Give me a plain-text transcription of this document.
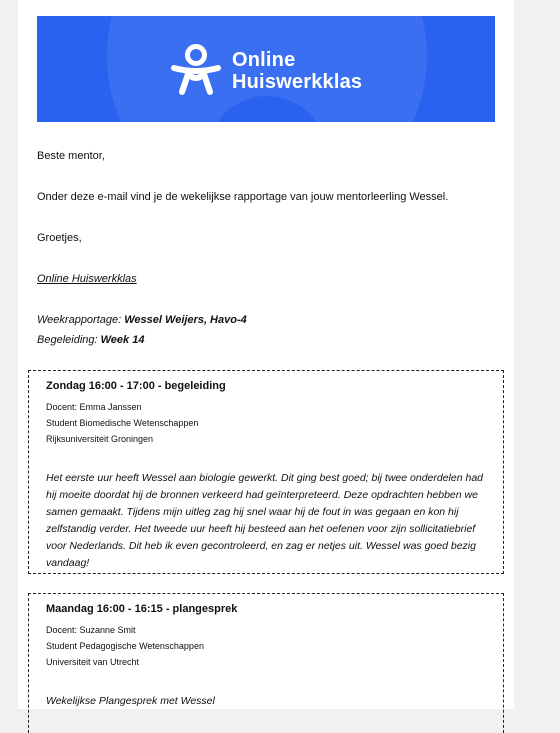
Online
Huiswerkklas
Beste mentor,
Onder deze e-mail vind je de wekelijkse rapportage van jouw mentorleerling Wessel.
Groetjes,
Online Huiswerkklas
Weekrapportage: Wessel Weijers, Havo-4
Begeleiding: Week 14
Zondag 16:00 - 17:00 - begeleiding
Docent: Emma Janssen
Student Biomedische Wetenschappen
Rijksuniversiteit Groningen
Het eerste uur heeft Wessel aan biologie gewerkt. Dit ging best goed; bij twee onderdelen had hij moeite doordat hij de bronnen verkeerd had geïnterpreteerd. Deze opdrachten hebben we samen gemaakt. Tijdens mijn uitleg zag hij snel waar hij de fout in was gegaan en kon hij zelfstandig verder. Het tweede uur heeft hij besteed aan het oefenen voor zijn sollicitatiebrief voor Nederlands. Dit heb ik even gecontroleerd, en zag er netjes uit. Wessel was goed bezig vandaag!
Maandag 16:00 - 16:15 - plangesprek
Docent: Suzanne Smit
Student Pedagogische Wetenschappen
Universiteit van Utrecht
Wekelijkse Plangesprek met Wessel
